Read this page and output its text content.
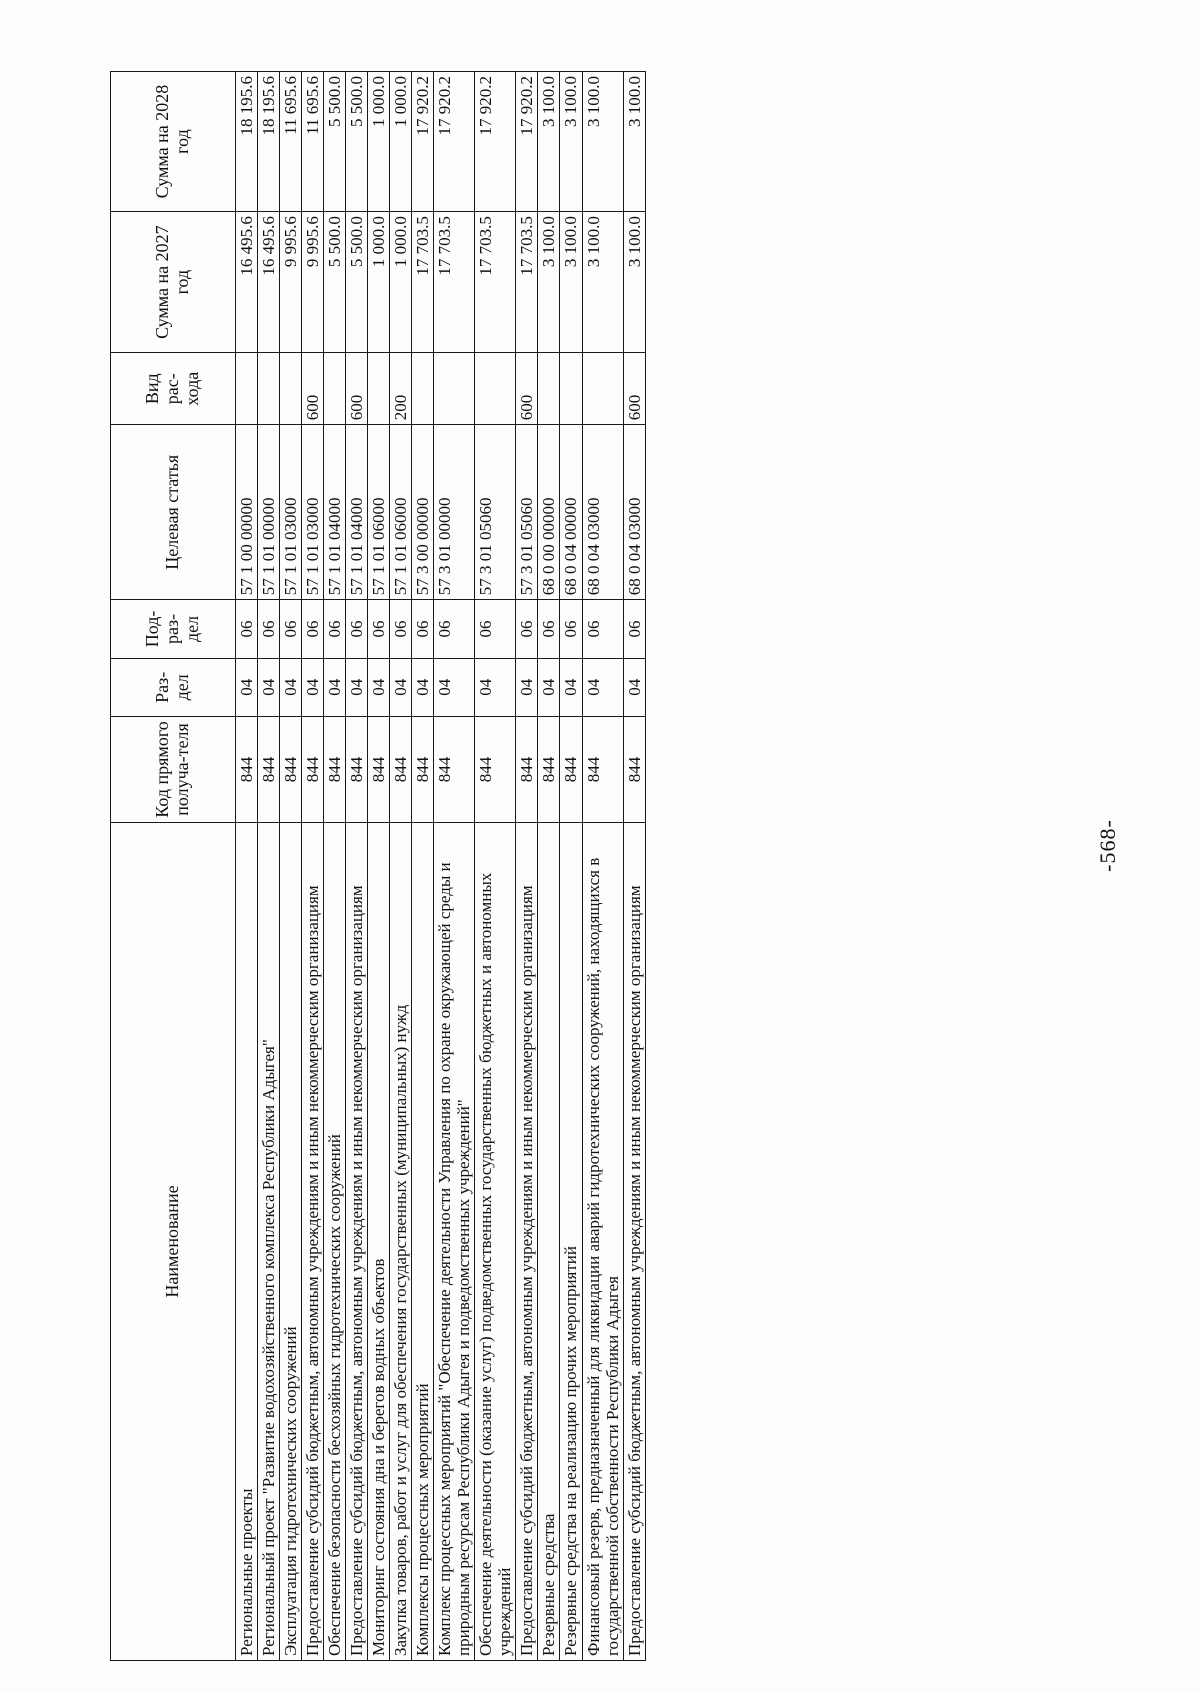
-568-
Наименование	Код прямого получа-теля	Раз-дел	Под-раз-дел	Целевая статья	Вид рас-хода	Сумма на 2027 год	Сумма на 2028 год
Региональные проекты	844	04	06	57 1 00 00000		16 495.6	18 195.6
Региональный проект "Развитие водохозяйственного комплекса Республики Адыгея"	844	04	06	57 1 01 00000		16 495.6	18 195.6
Эксплуатация гидротехнических сооружений	844	04	06	57 1 01 03000		9 995.6	11 695.6
Предоставление субсидий бюджетным, автономным учреждениям и иным некоммерческим организациям	844	04	06	57 1 01 03000	600	9 995.6	11 695.6
Обеспечение безопасности бесхозяйных гидротехнических сооружений	844	04	06	57 1 01 04000		5 500.0	5 500.0
Предоставление субсидий бюджетным, автономным учреждениям и иным некоммерческим организациям	844	04	06	57 1 01 04000	600	5 500.0	5 500.0
Мониторинг состояния дна и берегов водных объектов	844	04	06	57 1 01 06000		1 000.0	1 000.0
Закупка товаров, работ и услуг для обеспечения государственных (муниципальных) нужд	844	04	06	57 1 01 06000	200	1 000.0	1 000.0
Комплексы процессных мероприятий	844	04	06	57 3 00 00000		17 703.5	17 920.2
Комплекс процессных мероприятий "Обеспечение деятельности Управления по охране окружающей среды и природным ресурсам Республики Адыгея и подведомственных учреждений"	844	04	06	57 3 01 00000		17 703.5	17 920.2
Обеспечение деятельности (оказание услуг) подведомственных государственных бюджетных и автономных учреждений	844	04	06	57 3 01 05060		17 703.5	17 920.2
Предоставление субсидий бюджетным, автономным учреждениям и иным некоммерческим организациям	844	04	06	57 3 01 05060	600	17 703.5	17 920.2
Резервные средства	844	04	06	68 0 00 00000		3 100.0	3 100.0
Резервные средства на реализацию прочих мероприятий	844	04	06	68 0 04 00000		3 100.0	3 100.0
Финансовый резерв, предназначенный для ликвидации аварий гидротехнических сооружений, находящихся в государственной собственности Республики Адыгея	844	04	06	68 0 04 03000		3 100.0	3 100.0
Предоставление субсидий бюджетным, автономным учреждениям и иным некоммерческим организациям	844	04	06	68 0 04 03000	600	3 100.0	3 100.0
